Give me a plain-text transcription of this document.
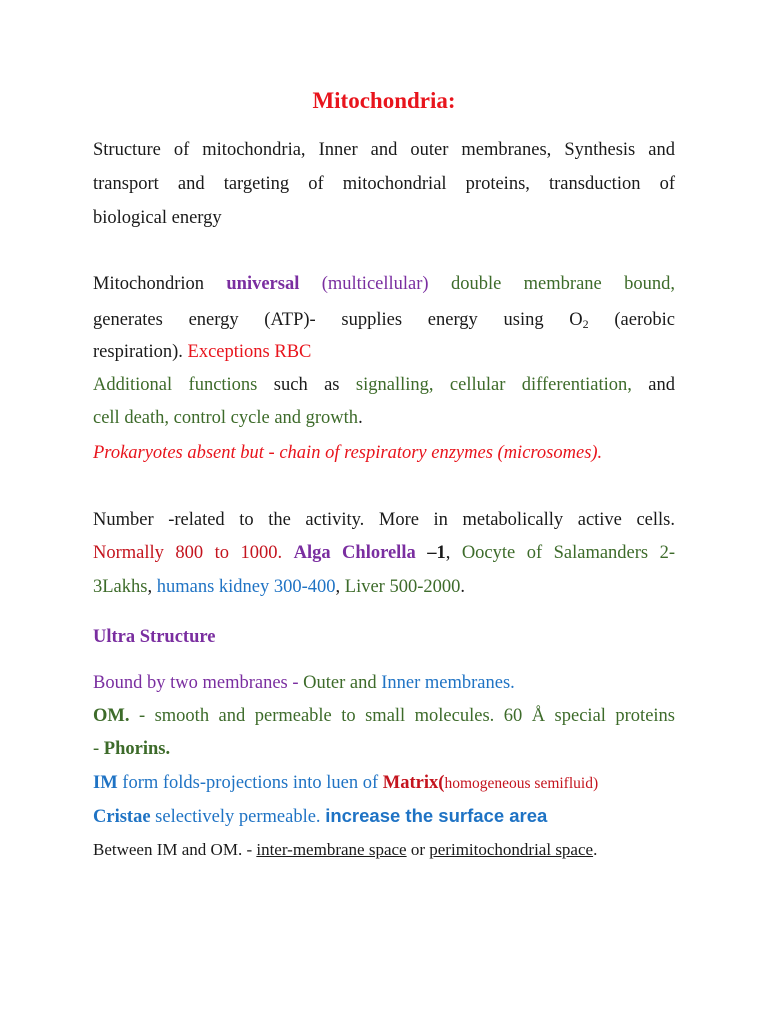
Mitochondria:
Structure of mitochondria, Inner and outer membranes, Synthesis and
transport and targeting of mitochondrial proteins, transduction of
biological energy
Mitochondrion universal (multicellular) double membrane bound,
generates energy (ATP)- supplies energy using $O_2$ (aerobic
respiration). Exceptions RBC
Additional functions such as signalling, cellular differentiation, and
cell death, control cycle and growth.
Prokaryotes absent but - chain of respiratory enzymes (microsomes).
Number -related to the activity. More in metabolically active cells.
Normally 800 to 1000. Alga Chlorella –1, Oocyte of Salamanders 2-
3Lakhs, humans kidney 300-400, Liver 500-2000.
Ultra Structure
Bound by two membranes - Outer and Inner membranes.
OM. - smooth and permeable to small molecules. 60 Å special proteins
- Phorins.
IM form folds-projections into luen of Matrix(homogeneous semifluid)
Cristae selectively permeable. increase the surface area
Between IM and OM. - inter-membrane space or perimitochondrial space.
